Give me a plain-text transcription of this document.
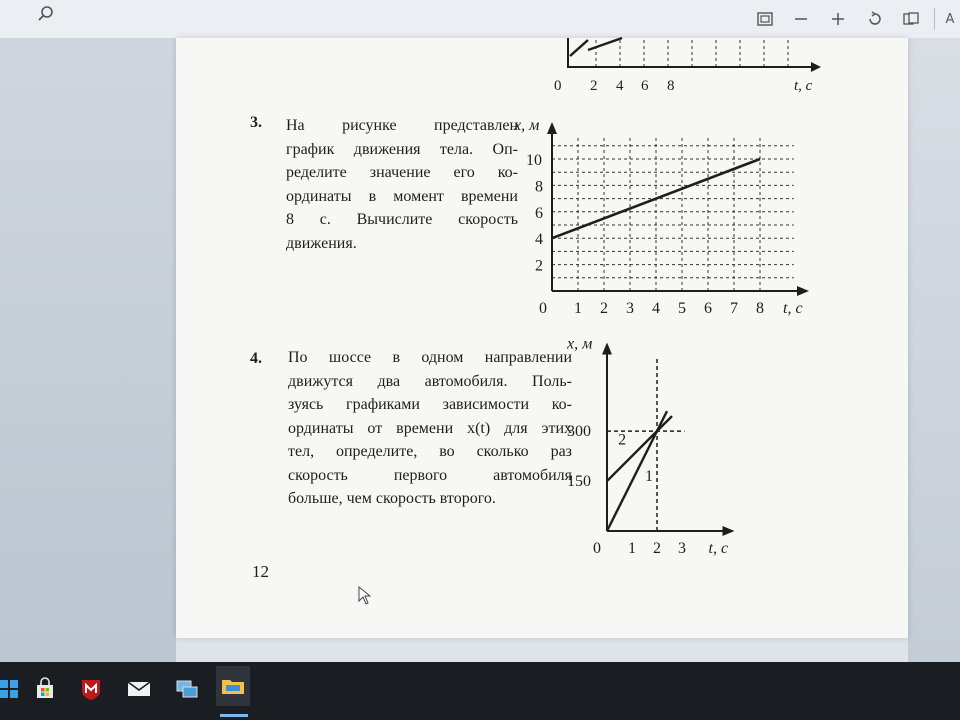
A
0 2 4 6 8	t, с
3. На рисунке представлен
график движения тела. Оп-
ределите значение его ко-
ординаты в момент времени
8 с. Вычислите скорость
движения.
0 1 2 3 4 5 6 7 8
2
4
6
8
10
t, с
x, м
4. По шоссе в одном направлении
движутся два автомобиля. Поль-
зуясь графиками зависимости ко-
ординаты от времени x(t) для этих
тел, определите, во сколько раз
скорость первого автомобиля
больше, чем скорость второго.
1
2
150
300
0 1 2 3 t, с
x, м
12
